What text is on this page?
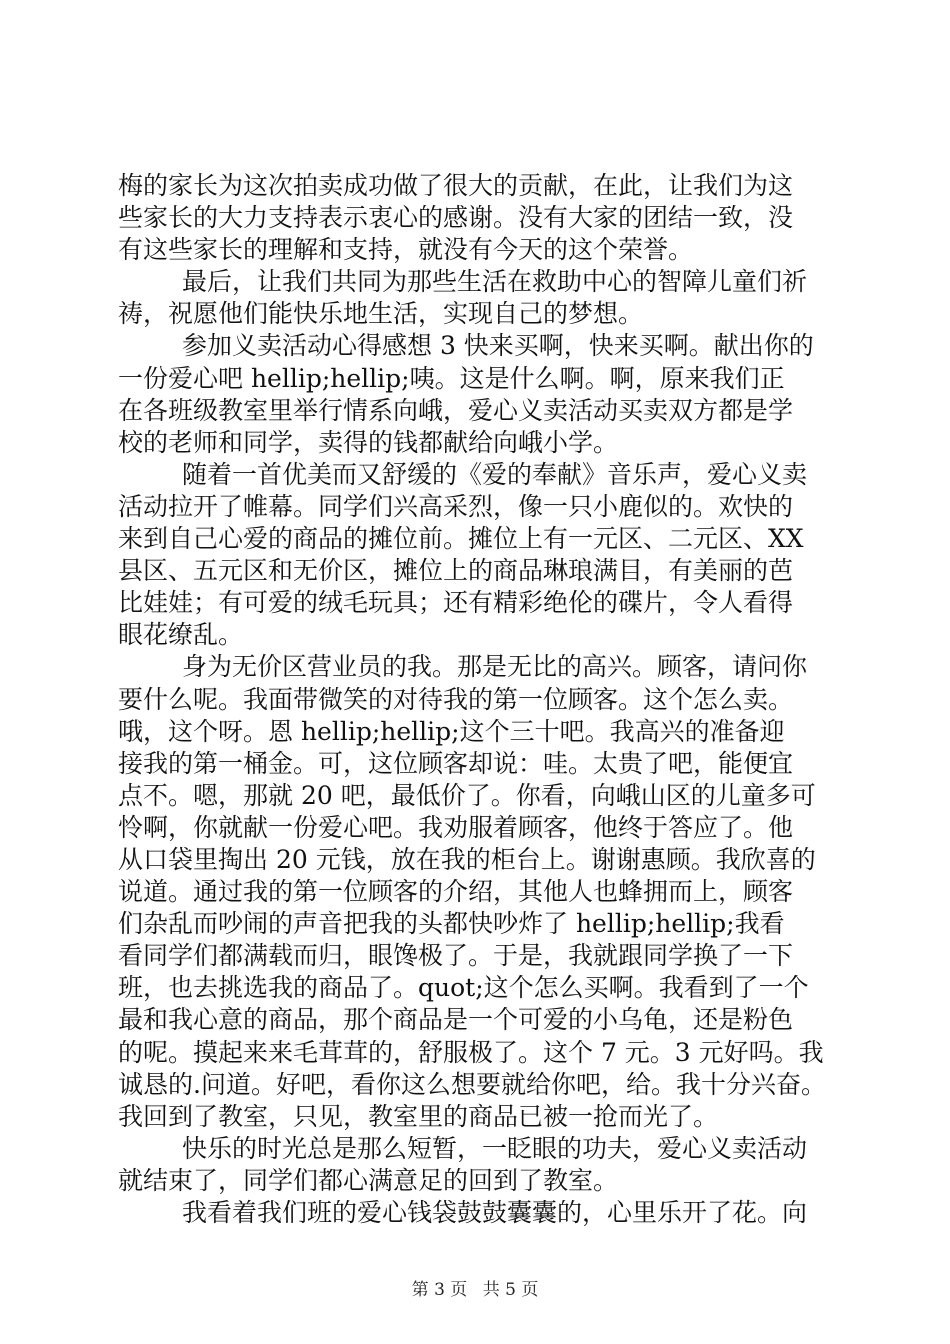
梅的家长为这次拍卖成功做了很大的贡献，在此，让我们为这
些家长的大力支持表示衷心的感谢。没有大家的团结一致，没
有这些家长的理解和支持，就没有今天的这个荣誉。
最后，让我们共同为那些生活在救助中心的智障儿童们祈
祷，祝愿他们能快乐地生活，实现自己的梦想。
参加义卖活动心得感想 3 快来买啊，快来买啊。献出你的
一份爱心吧 hellip;hellip;咦。这是什么啊。啊，原来我们正
在各班级教室里举行情系向峨，爱心义卖活动买卖双方都是学
校的老师和同学，卖得的钱都献给向峨小学。
随着一首优美而又舒缓的《爱的奉献》音乐声，爱心义卖
活动拉开了帷幕。同学们兴高采烈，像一只小鹿似的。欢快的
来到自己心爱的商品的摊位前。摊位上有一元区、二元区、XX
县区、五元区和无价区，摊位上的商品琳琅满目，有美丽的芭
比娃娃；有可爱的绒毛玩具；还有精彩绝伦的碟片，令人看得
眼花缭乱。
身为无价区营业员的我。那是无比的高兴。顾客，请问你
要什么呢。我面带微笑的对待我的第一位顾客。这个怎么卖。
哦，这个呀。恩 hellip;hellip;这个三十吧。我高兴的准备迎
接我的第一桶金。可，这位顾客却说：哇。太贵了吧，能便宜
点不。嗯，那就 20 吧，最低价了。你看，向峨山区的儿童多可
怜啊，你就献一份爱心吧。我劝服着顾客，他终于答应了。他
从口袋里掏出 20 元钱，放在我的柜台上。谢谢惠顾。我欣喜的
说道。通过我的第一位顾客的介绍，其他人也蜂拥而上，顾客
们杂乱而吵闹的声音把我的头都快吵炸了 hellip;hellip;我看
看同学们都满载而归，眼馋极了。于是，我就跟同学换了一下
班，也去挑选我的商品了。quot;这个怎么买啊。我看到了一个
最和我心意的商品，那个商品是一个可爱的小乌龟，还是粉色
的呢。摸起来来毛茸茸的，舒服极了。这个 7 元。3 元好吗。我
诚恳的.问道。好吧，看你这么想要就给你吧，给。我十分兴奋。
我回到了教室，只见，教室里的商品已被一抢而光了。
快乐的时光总是那么短暂，一眨眼的功夫，爱心义卖活动
就结束了，同学们都心满意足的回到了教室。
我看着我们班的爱心钱袋鼓鼓囊囊的，心里乐开了花。向
第 3 页 共 5 页
